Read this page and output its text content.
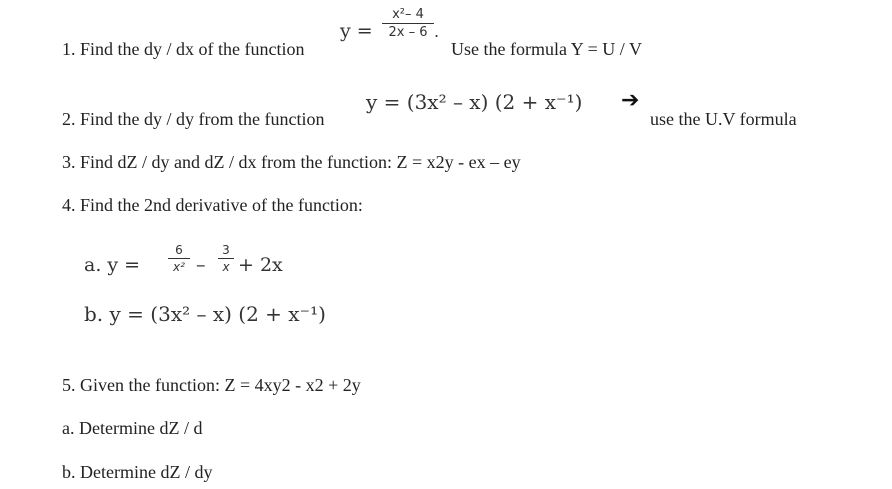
1. Find the dy / dx of the function
y =
x²– 4
2x – 6 .
Use the formula Y = U / V
2. Find the dy / dy from the function
y = (3x² – x) (2 + x⁻¹) ➔
use the U.V formula
3. Find dZ / dy and dZ / dx from the function: Z = x2y - ex – ey
4. Find the 2nd derivative of the function:
a. y =
6
x² –
3
x + 2x
b. y = (3x² – x) (2 + x⁻¹)
5. Given the function: Z = 4xy2 - x2 + 2y
a. Determine dZ / d
b. Determine dZ / dy
